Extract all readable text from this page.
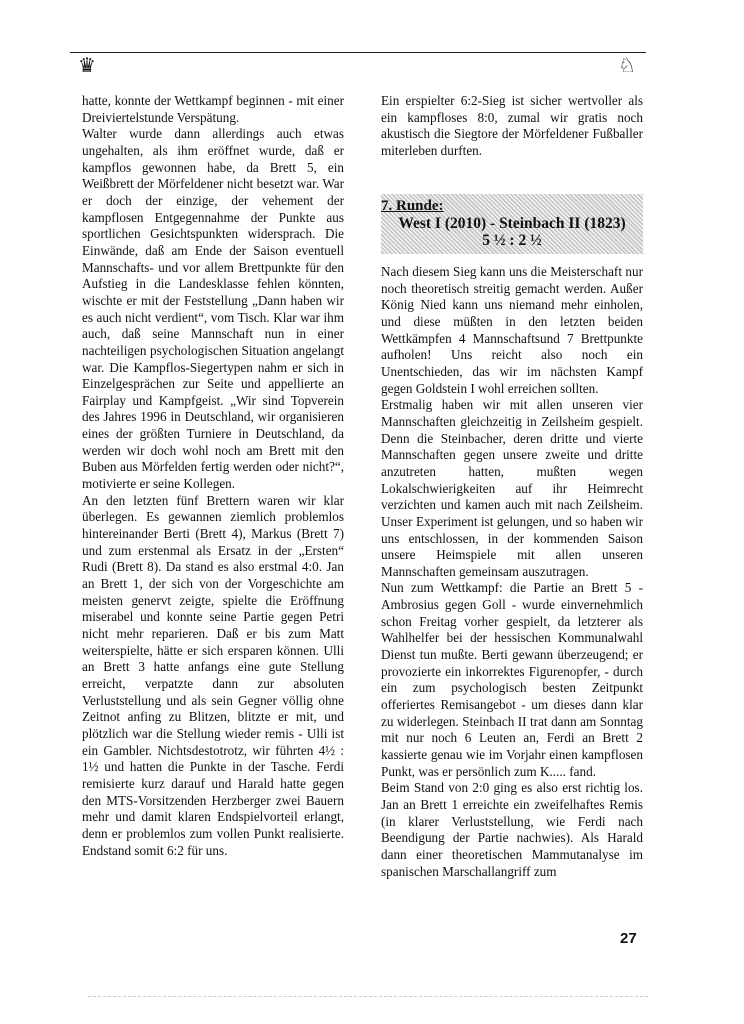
♛	♘

hatte, konnte der Wettkampf beginnen - mit einer Dreiviertelstunde Verspätung.

Walter wurde dann allerdings auch etwas ungehalten, als ihm eröffnet wurde, daß er kampflos gewonnen habe, da Brett 5, ein Weißbrett der Mörfeldener nicht besetzt war. War er doch der einzige, der vehement der kampflosen Entgegennahme der Punkte aus sportlichen Gesichtspunkten widersprach. Die Einwände, daß am Ende der Saison eventuell Mannschafts- und vor allem Brettpunkte für den Aufstieg in die Landesklasse fehlen könnten, wischte er mit der Feststellung „Dann haben wir es auch nicht verdient“, vom Tisch. Klar war ihm auch, daß seine Mannschaft nun in einer nachteiligen psychologischen Situation angelangt war. Die Kampflos-Siegertypen nahm er sich in Einzelgesprächen zur Seite und appellierte an Fairplay und Kampfgeist. „Wir sind Topverein des Jahres 1996 in Deutschland, wir organisieren eines der größten Turniere in Deutschland, da werden wir doch wohl noch am Brett mit den Buben aus Mörfelden fertig werden oder nicht?“, motivierte er seine Kollegen.

An den letzten fünf Brettern waren wir klar überlegen. Es gewannen ziemlich problemlos hintereinander Berti (Brett 4), Markus (Brett 7) und zum erstenmal als Ersatz in der „Ersten“ Rudi (Brett 8). Da stand es also erstmal 4:0. Jan an Brett 1, der sich von der Vorgeschichte am meisten genervt zeigte, spielte die Eröffnung miserabel und konnte seine Partie gegen Petri nicht mehr reparieren. Daß er bis zum Matt weiterspielte, hätte er sich ersparen können. Ulli an Brett 3 hatte anfangs eine gute Stellung erreicht, verpatzte dann zur absoluten Verluststellung und als sein Gegner völlig ohne Zeitnot anfing zu Blitzen, blitzte er mit, und plötzlich war die Stellung wieder remis - Ulli ist ein Gambler. Nichtsdestotrotz, wir führten 4½ : 1½ und hatten die Punkte in der Tasche. Ferdi remisierte kurz darauf und Harald hatte gegen den MTS-Vorsitzenden Herzberger zwei Bauern mehr und damit klaren Endspielvorteil erlangt, denn er problemlos zum vollen Punkt realisierte. Endstand somit 6:2 für uns.

Ein erspielter 6:2-Sieg ist sicher wertvoller als ein kampfloses 8:0, zumal wir gratis noch akustisch die Siegtore der Mörfeldener Fußballer miterleben durften.

7. Runde:
West I (2010) - Steinbach II (1823)
5 ½ : 2 ½

Nach diesem Sieg kann uns die Meisterschaft nur noch theoretisch streitig gemacht werden. Außer König Nied kann uns niemand mehr einholen, und diese müßten in den letzten beiden Wettkämpfen 4 Mannschaftsund 7 Brettpunkte aufholen! Uns reicht also noch ein Unentschieden, das wir im nächsten Kampf gegen Goldstein I wohl erreichen sollten.

Erstmalig haben wir mit allen unseren vier Mannschaften gleichzeitig in Zeilsheim gespielt. Denn die Steinbacher, deren dritte und vierte Mannschaften gegen unsere zweite und dritte anzutreten hatten, mußten wegen Lokalschwierigkeiten auf ihr Heimrecht verzichten und kamen auch mit nach Zeilsheim. Unser Experiment ist gelungen, und so haben wir uns entschlossen, in der kommenden Saison unsere Heimspiele mit allen unseren Mannschaften gemeinsam auszutragen.

Nun zum Wettkampf: die Partie an Brett 5 - Ambrosius gegen Goll - wurde einvernehmlich schon Freitag vorher gespielt, da letzterer als Wahlhelfer bei der hessischen Kommunalwahl Dienst tun mußte. Berti gewann überzeugend; er provozierte ein inkorrektes Figurenopfer, - durch ein zum psychologisch besten Zeitpunkt offeriertes Remisangebot - um dieses dann klar zu widerlegen. Steinbach II trat dann am Sonntag mit nur noch 6 Leuten an, Ferdi an Brett 2 kassierte genau wie im Vorjahr einen kampflosen Punkt, was er persönlich zum K..... fand.

Beim Stand von 2:0 ging es also erst richtig los. Jan an Brett 1 erreichte ein zweifelhaftes Remis (in klarer Verluststellung, wie Ferdi nach Beendigung der Partie nachwies). Als Harald dann einer theoretischen Mammutanalyse im spanischen Marschallangriff zum

27
